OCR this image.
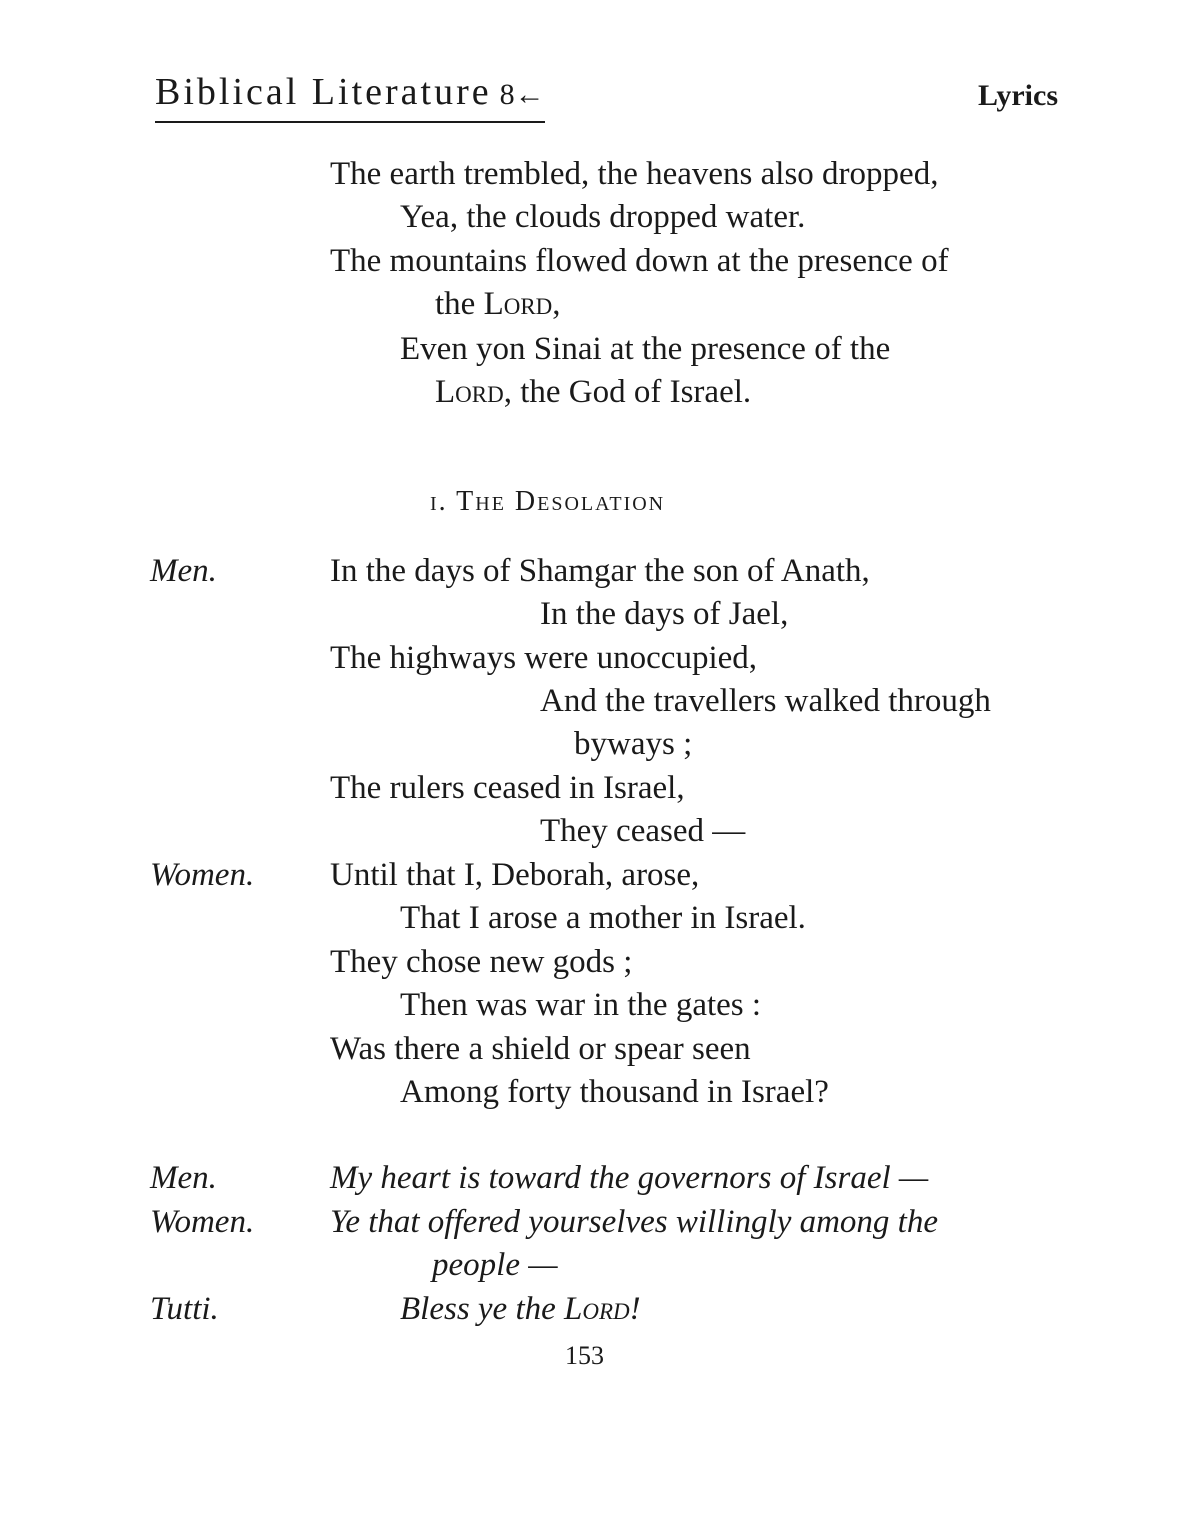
Biblical Literature 8←	Lyrics
The earth trembled, the heavens also dropped,
Yea, the clouds dropped water.
The mountains flowed down at the presence of
the Lord,
Even yon Sinai at the presence of the
Lord, the God of Israel.
i. The Desolation
Men.	In the days of Shamgar the son of Anath,
In the days of Jael,
The highways were unoccupied,
And the travellers walked through
byways ;
The rulers ceased in Israel,
They ceased —
Women. Until that I, Deborah, arose,
That I arose a mother in Israel.
They chose new gods ;
Then was war in the gates :
Was there a shield or spear seen
Among forty thousand in Israel?
Men.	My heart is toward the governors of Israel —
Women. Ye that offered yourselves willingly among the
people —
Tutti.	Bless ye the Lord!
153
